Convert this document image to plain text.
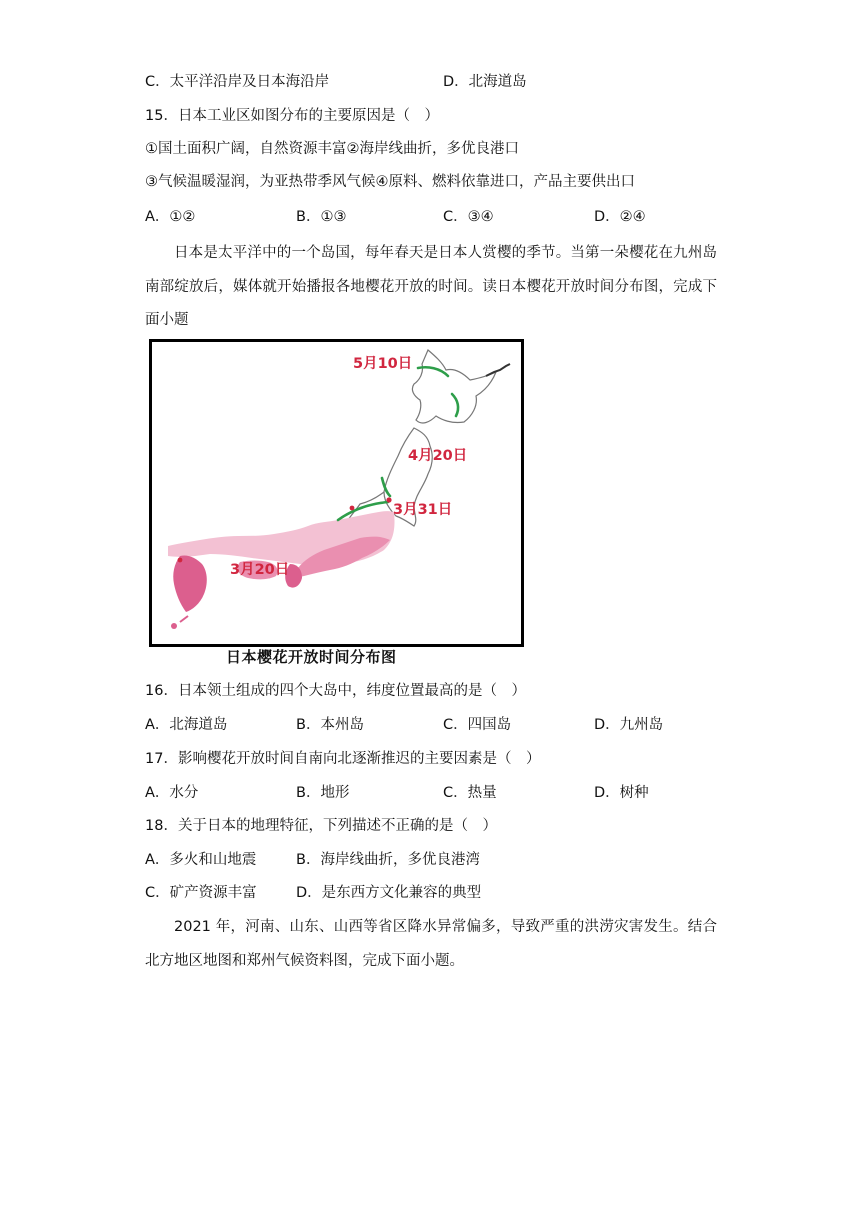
C．太平洋沿岸及日本海沿岸	D．北海道岛
15．日本工业区如图分布的主要原因是（　）
①国土面积广阔，自然资源丰富②海岸线曲折，多优良港口
③气候温暖湿润，为亚热带季风气候④原料、燃料依靠进口，产品主要供出口
A．①②	B．①③	C．③④	D．②④
日本是太平洋中的一个岛国，每年春天是日本人赏樱的季节。当第一朵樱花在九州岛南部绽放后，媒体就开始播报各地樱花开放的时间。读日本樱花开放时间分布图，完成下面小题
5月10日
4月20日
3月31日
3月20日
日本樱花开放时间分布图
16．日本领土组成的四个大岛中，纬度位置最高的是（　）
A．北海道岛	B．本州岛	C．四国岛	D．九州岛
17．影响樱花开放时间自南向北逐渐推迟的主要因素是（　）
A．水分	B．地形	C．热量	D．树种
18．关于日本的地理特征，下列描述不正确的是（　）
A．多火和山地震	B．海岸线曲折，多优良港湾
C．矿产资源丰富	D．是东西方文化兼容的典型
2021 年，河南、山东、山西等省区降水异常偏多，导致严重的洪涝灾害发生。结合北方地区地图和郑州气候资料图，完成下面小题。
